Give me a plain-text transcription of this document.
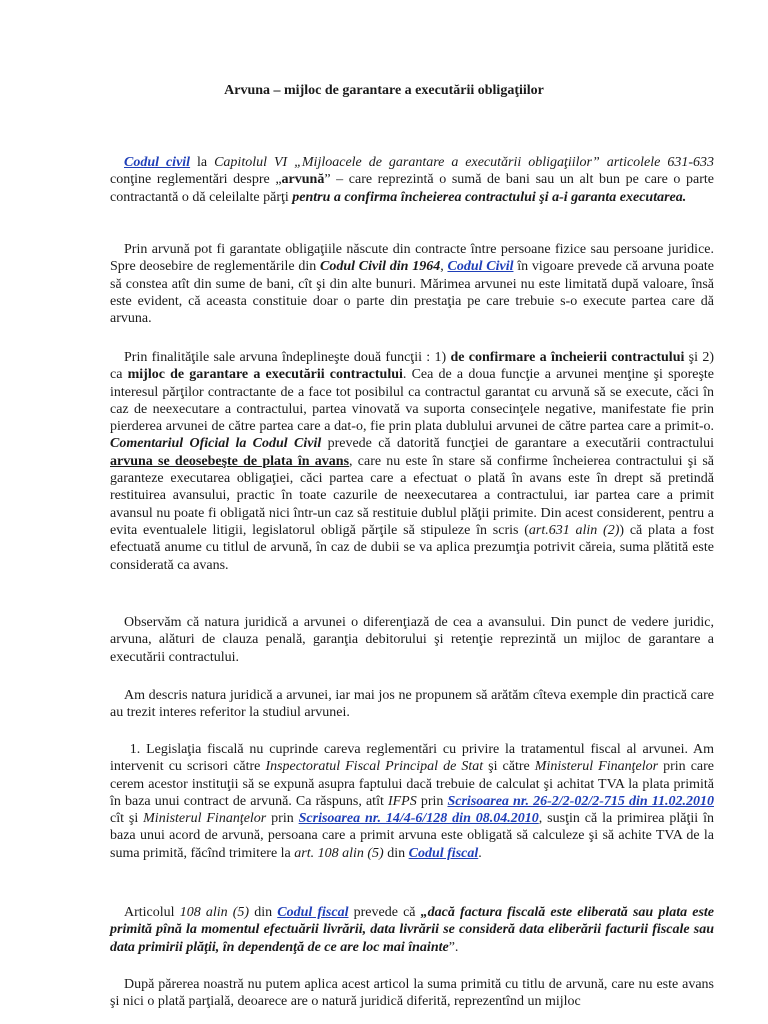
Arvuna – mijloc de garantare a executării obligaţiilor

Codul civil la Capitolul VI „Mijloacele de garantare a executării obligaţiilor” articolele 631-633 conţine reglementări despre „arvună” – care reprezintă o sumă de bani sau un alt bun pe care o parte contractantă o dă celeilalte părţi pentru a confirma încheierea contractului şi a-i garanta executarea.

Prin arvună pot fi garantate obligaţiile născute din contracte între persoane fizice sau persoane juridice. Spre deosebire de reglementările din Codul Civil din 1964, Codul Civil în vigoare prevede că arvuna poate să constea atît din sume de bani, cît şi din alte bunuri. Mărimea arvunei nu este limitată după valoare, însă este evident, că aceasta constituie doar o parte din prestaţia pe care trebuie s-o execute partea care dă arvuna.

Prin finalităţile sale arvuna îndeplineşte două funcţii : 1) de confirmare a încheierii contractului şi 2) ca mijloc de garantare a executării contractului. Cea de a doua funcţie a arvunei menţine şi sporeşte interesul părţilor contractante de a face tot posibilul ca contractul garantat cu arvună să se execute, căci în caz de neexecutare a contractului, partea vinovată va suporta consecinţele negative, manifestate fie prin pierderea arvunei de către partea care a dat-o, fie prin plata dublului arvunei de către partea care a primit-o. Comentariul Oficial la Codul Civil prevede că datorită funcţiei de garantare a executării contractului arvuna se deosebeşte de plata în avans, care nu este în stare să confirme încheierea contractului şi să garanteze executarea obligaţiei, căci partea care a efectuat o plată în avans este în drept să pretindă restituirea avansului, practic în toate cazurile de neexecutarea a contractului, iar partea care a primit avansul nu poate fi obligată nici într-un caz să restituie dublul plăţii primite. Din acest considerent, pentru a evita eventualele litigii, legislatorul obligă părţile să stipuleze în scris (art.631 alin (2)) că plata a fost efectuată anume cu titlul de arvună, în caz de dubii se va aplica prezumţia potrivit căreia, suma plătită este considerată ca avans.

Observăm că natura juridică a arvunei o diferenţiază de cea a avansului. Din punct de vedere juridic, arvuna, alături de clauza penală, garanţia debitorului şi retenţie reprezintă un mijloc de garantare a executării contractului.

Am descris natura juridică a arvunei, iar mai jos ne propunem să arătăm cîteva exemple din practică care au trezit interes referitor la studiul arvunei.

1. Legislaţia fiscală nu cuprinde careva reglementări cu privire la tratamentul fiscal al arvunei. Am intervenit cu scrisori către Inspectoratul Fiscal Principal de Stat şi către Ministerul Finanţelor prin care cerem acestor instituţii să se expună asupra faptului dacă trebuie de calculat şi achitat TVA la plata primită în baza unui contract de arvună. Ca răspuns, atît IFPS prin Scrisoarea nr. 26-2/2-02/2-715 din 11.02.2010 cît şi Ministerul Finanţelor prin Scrisoarea nr. 14/4-6/128 din 08.04.2010, susţin că la primirea plăţii în baza unui acord de arvună, persoana care a primit arvuna este obligată să calculeze şi să achite TVA de la suma primită, făcînd trimitere la art. 108 alin (5) din Codul fiscal.

Articolul 108 alin (5) din Codul fiscal prevede că „dacă factura fiscală este eliberată sau plata este primită pînă la momentul efectuării livrării, data livrării se consideră data eliberării facturii fiscale sau data primirii plăţii, în dependenţă de ce are loc mai înainte”.

După părerea noastră nu putem aplica acest articol la suma primită cu titlu de arvună, care nu este avans şi nici o plată parţială, deoarece are o natură juridică diferită, reprezentînd un mijloc
